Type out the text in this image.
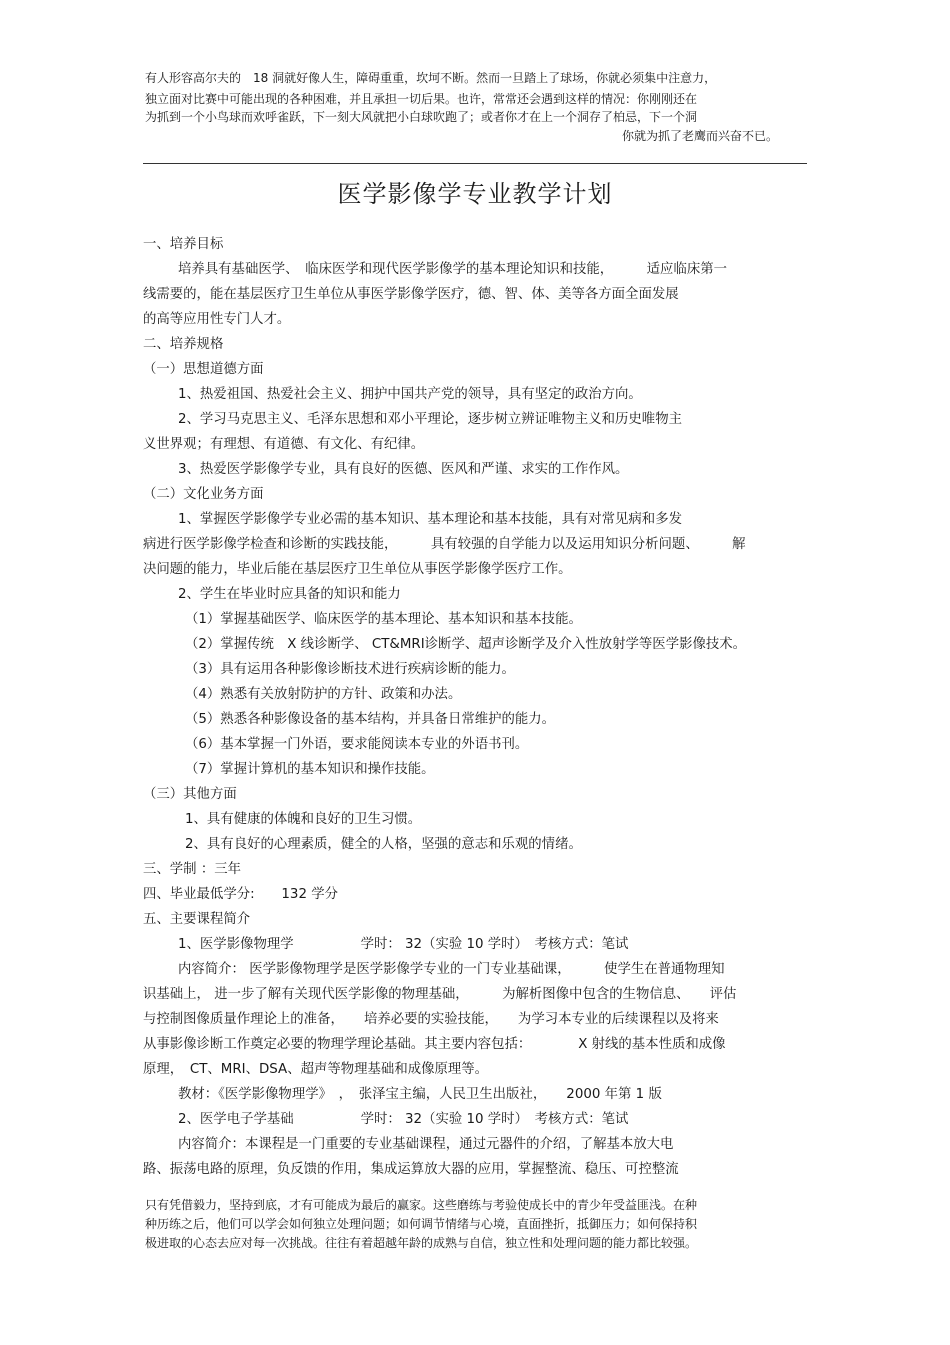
有人形容高尔夫的　18 洞就好像人生，障碍重重，坎坷不断。然而一旦踏上了球场，你就必须集中注意力，
独立面对比赛中可能出现的各种困难，并且承担一切后果。也许，常常还会遇到这样的情况：你刚刚还在
为抓到一个小鸟球而欢呼雀跃，下一刻大风就把小白球吹跑了；或者你才在上一个洞存了柏忌，下一个洞
你就为抓了老鹰而兴奋不已。
医学影像学专业教学计划
一、培养目标
培养具有基础医学、　临床医学和现代医学影像学的基本理论知识和技能，　　　适应临床第一
线需要的，能在基层医疗卫生单位从事医学影像学医疗，德、智、体、美等各方面全面发展
的高等应用性专门人才。
二、培养规格
（一）思想道德方面
1、热爱祖国、热爱社会主义、拥护中国共产党的领导，具有坚定的政治方向。
2、学习马克思主义、毛泽东思想和邓小平理论，逐步树立辨证唯物主义和历史唯物主
义世界观；有理想、有道德、有文化、有纪律。
3、热爱医学影像学专业，具有良好的医德、医风和严谨、求实的工作作风。
（二）文化业务方面
1、掌握医学影像学专业必需的基本知识、基本理论和基本技能，具有对常见病和多发
病进行医学影像学检查和诊断的实践技能，　　　具有较强的自学能力以及运用知识分析问题、　　　解
决问题的能力，毕业后能在基层医疗卫生单位从事医学影像学医疗工作。
2、学生在毕业时应具备的知识和能力
（1）掌握基础医学、临床医学的基本理论、基本知识和基本技能。
（2）掌握传统　X 线诊断学、 CT&MRI诊断学、超声诊断学及介入性放射学等医学影像技术。
（3）具有运用各种影像诊断技术进行疾病诊断的能力。
（4）熟悉有关放射防护的方针、政策和办法。
（5）熟悉各种影像设备的基本结构，并具备日常维护的能力。
（6）基本掌握一门外语，要求能阅读本专业的外语书刊。
（7）掌握计算机的基本知识和操作技能。
（三）其他方面
1、具有健康的体魄和良好的卫生习惯。
2、具有良好的心理素质，健全的人格，坚强的意志和乐观的情绪。
三、学制 ：三年
四、毕业最低学分:　　132 学分
五、主要课程简介
1、医学影像物理学　　　　　学时： 32（实验 10 学时）　考核方式：笔试
内容简介： 医学影像物理学是医学影像学专业的一门专业基础课，　　　使学生在普通物理知
识基础上， 进一步了解有关现代医学影像的物理基础，　　　为解析图像中包含的生物信息、　　评估
与控制图像质量作理论上的准备，　　培养必要的实验技能，　　为学习本专业的后续课程以及将来
从事影像诊断工作奠定必要的物理学理论基础。其主要内容包括：　　　　X 射线的基本性质和成像
原理，　CT、MRI、DSA、超声等物理基础和成像原理等。
教材：《医学影像物理学》　，　张泽宝主编，人民卫生出版社，　　2000 年第 1 版
2、医学电子学基础　　　　　学时： 32（实验 10 学时）　考核方式：笔试
内容简介：本课程是一门重要的专业基础课程，通过元器件的介绍，了解基本放大电
路、振荡电路的原理，负反馈的作用，集成运算放大器的应用，掌握整流、稳压、可控整流
只有凭借毅力，坚持到底，才有可能成为最后的赢家。这些磨练与考验使成长中的青少年受益匪浅。在种
种历练之后，他们可以学会如何独立处理问题；如何调节情绪与心境，直面挫折，抵御压力；如何保持积
极进取的心态去应对每一次挑战。往往有着超越年龄的成熟与自信，独立性和处理问题的能力都比较强。
